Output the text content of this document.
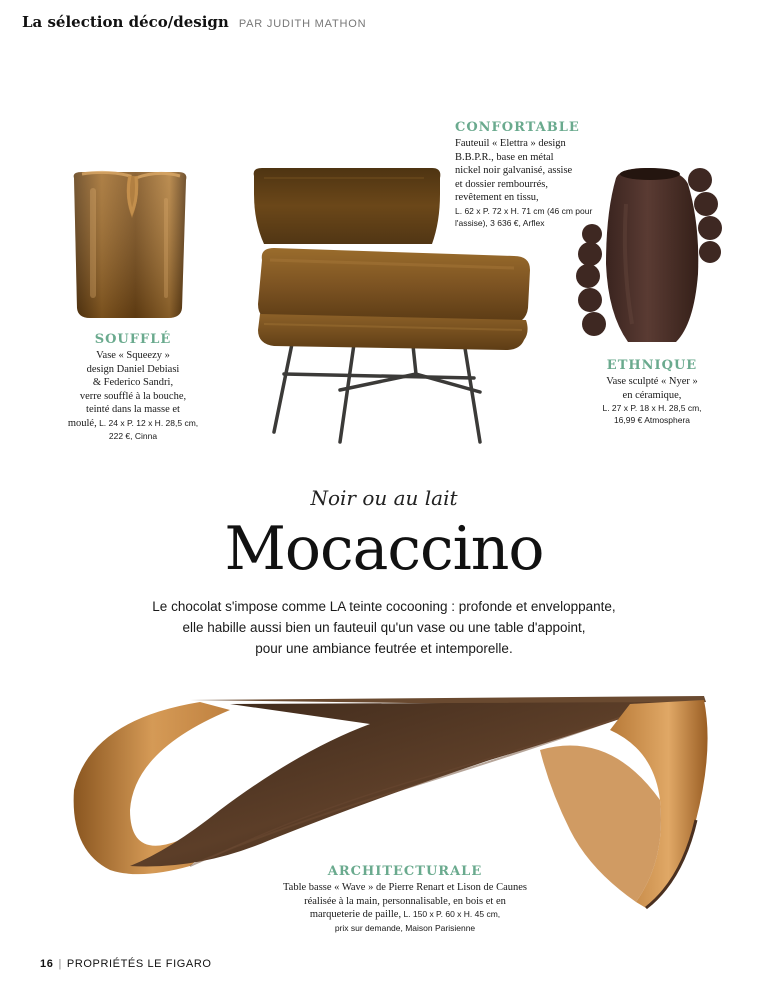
La sélection déco/design PAR JUDITH MATHON
SOUFFLÉ
Vase « Squeezy »
design Daniel Debiasi
& Federico Sandri,
verre soufflé à la bouche,
teinté dans la masse et
moulé, L. 24 x P. 12 x H. 28,5 cm,
222 €, Cinna
CONFORTABLE
Fauteuil « Elettra » design
B.B.P.R., base en métal
nickel noir galvanisé, assise
et dossier rembourrés,
revêtement en tissu,
L. 62 x P. 72 x H. 71 cm (46 cm pour
l'assise), 3 636 €, Arflex
ETHNIQUE
Vase sculpté « Nyer »
en céramique,
L. 27 x P. 18 x H. 28,5 cm,
16,99 € Atmosphera
Noir ou au lait
Mocaccino
Le chocolat s'impose comme LA teinte cocooning : profonde et enveloppante,
elle habille aussi bien un fauteuil qu'un vase ou une table d'appoint,
pour une ambiance feutrée et intemporelle.
ARCHITECTURALE
Table basse « Wave » de Pierre Renart et Lison de Caunes
réalisée à la main, personnalisable, en bois et en
marqueterie de paille, L. 150 x P. 60 x H. 45 cm,
prix sur demande, Maison Parisienne
16 | PROPRIÉTÉS LE FIGARO
